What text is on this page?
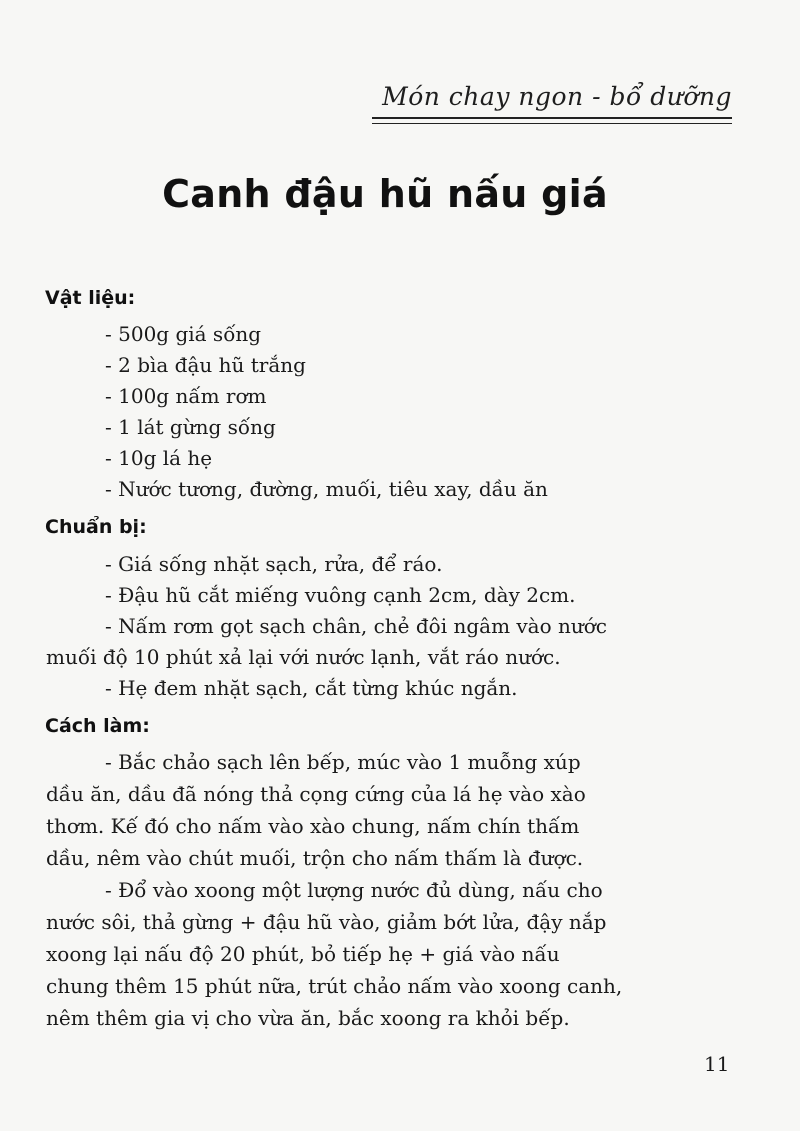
Món chay ngon - bổ dưỡng
Canh đậu hũ nấu giá
Vật liệu:
- 500g giá sống
- 2 bìa đậu hũ trắng
- 100g nấm rơm
- 1 lát gừng sống
- 10g lá hẹ
- Nước tương, đường, muối, tiêu xay, dầu ăn
Chuẩn bị:
- Giá sống nhặt sạch, rửa, để ráo.
- Đậu hũ cắt miếng vuông cạnh 2cm, dày 2cm.
- Nấm rơm gọt sạch chân, chẻ đôi ngâm vào nước
muối độ 10 phút xả lại với nước lạnh, vắt ráo nước.
- Hẹ đem nhặt sạch, cắt từng khúc ngắn.
Cách làm:
- Bắc chảo sạch lên bếp, múc vào 1 muỗng xúp
dầu ăn, dầu đã nóng thả cọng cứng của lá hẹ vào xào
thơm. Kế đó cho nấm vào xào chung, nấm chín thấm
dầu, nêm vào chút muối, trộn cho nấm thấm là được.
- Đổ vào xoong một lượng nước đủ dùng, nấu cho
nước sôi, thả gừng + đậu hũ vào, giảm bớt lửa, đậy nắp
xoong lại nấu độ 20 phút, bỏ tiếp hẹ + giá vào nấu
chung thêm 15 phút nữa, trút chảo nấm vào xoong canh,
nêm thêm gia vị cho vừa ăn, bắc xoong ra khỏi bếp.
11
